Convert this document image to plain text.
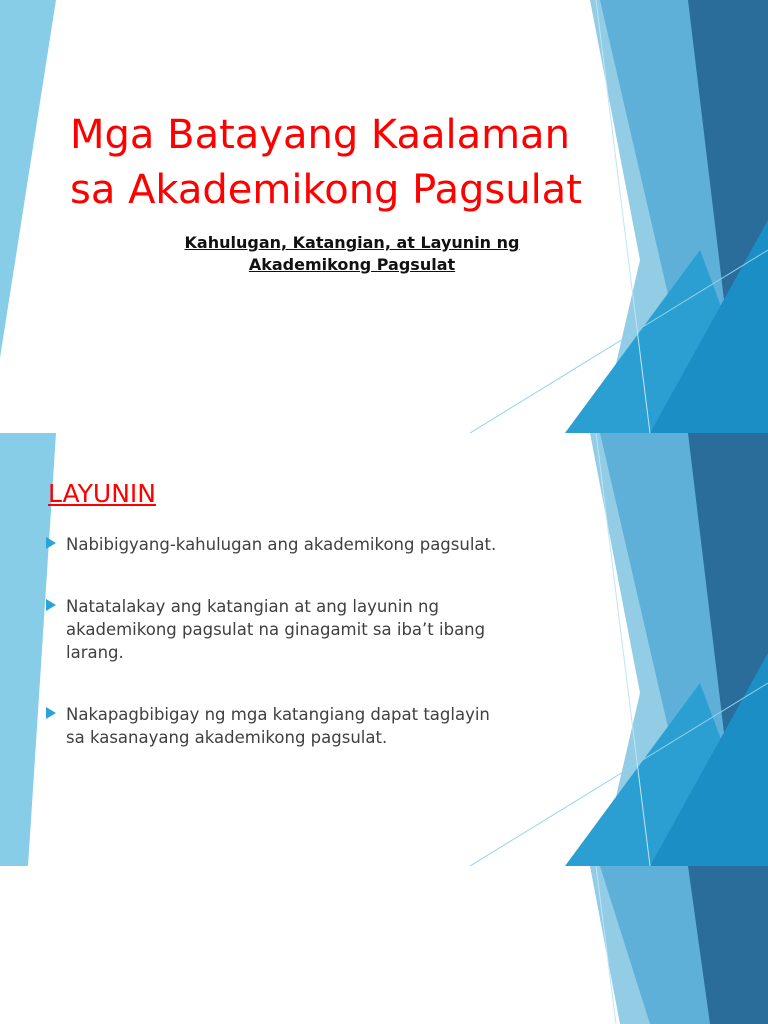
Mga Batayang Kaalaman
sa Akademikong Pagsulat

Kahulugan, Katangian, at Layunin ng
Akademikong Pagsulat

LAYUNIN
Nabibigyang-kahulugan ang akademikong pagsulat.
Natatalakay ang katangian at ang layunin ng
akademikong pagsulat na ginagamit sa iba’t ibang
larang.
Nakapagbibigay ng mga katangiang dapat taglayin
sa kasanayang akademikong pagsulat.
